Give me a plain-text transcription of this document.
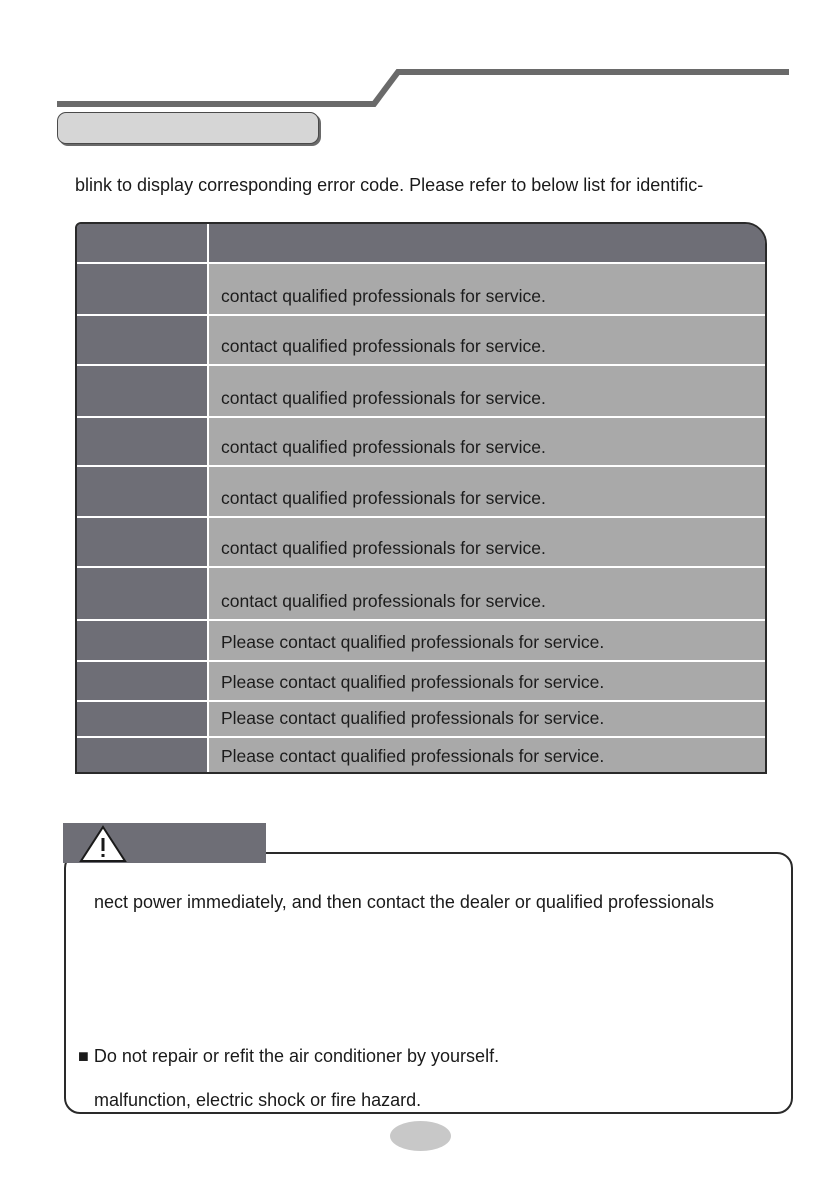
blink to display corresponding error code. Please refer to below list for identific-
contact qualified professionals for service.
contact qualified professionals for service.
contact qualified professionals for service.
contact qualified professionals for service.
contact qualified professionals for service.
contact qualified professionals for service.
contact qualified professionals for service.
Please contact qualified professionals for service.
Please contact qualified professionals for service.
Please contact qualified professionals for service.
Please contact qualified professionals for service.
nect power immediately, and then contact the dealer or qualified professionals
■ Do not repair or refit the air conditioner by yourself.
malfunction, electric shock or fire hazard.
